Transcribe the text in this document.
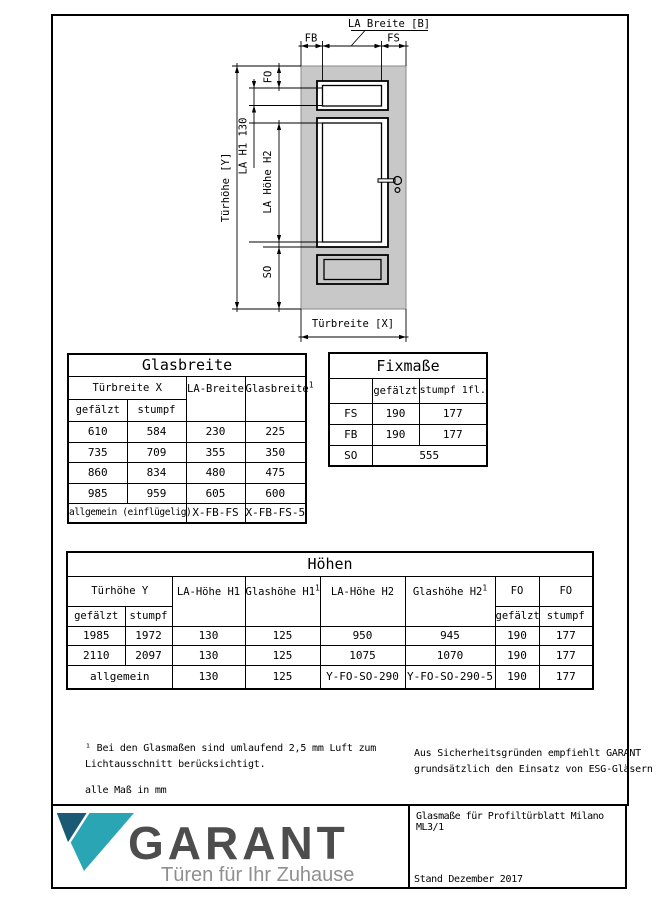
LA Breite [B]
FB	FS
Türhöhe [Y]
FO
LA H1 130
LA Höhe H2
SO
Türbreite [X]
Glasbreite			
Türbreite X		LA-Breite	Glasbreite$^1$
gefälzt	stumpf		
610	584	230	225
735	709	355	350
860	834	480	475
985	959	605	600
allgemein (einflügelig)		X-FB-FS	X-FB-FS-5
Fixmaße		
	gefälzt	stumpf 1fl.
FS	190	177
FB	190	177
SO	555	
Höhen							
Türhöhe Y		LA-Höhe H1	Glashöhe $H1^1$	LA-Höhe H2	Glashöhe $H2^1$	FO	FO
gefälzt	stumpf					gefälzt	stumpf
1985	1972	130	125	950	945	190	177
2110	2097	130	125	1075	1070	190	177
allgemein		130	125	Y-FO-SO-290	Y-FO-SO-290-5	190	177
¹ Bei den Glasmaßen sind umlaufend 2,5 mm Luft zum
Lichtausschnitt berücksichtigt.
alle Maß in mm
Aus Sicherheitsgründen empfiehlt GARANT
grundsätzlich den Einsatz von ESG-Gläsern
Glasmaße für Profiltürblatt Milano ML3/1
Stand Dezember 2017
GARANT
Türen für Ihr Zuhause
